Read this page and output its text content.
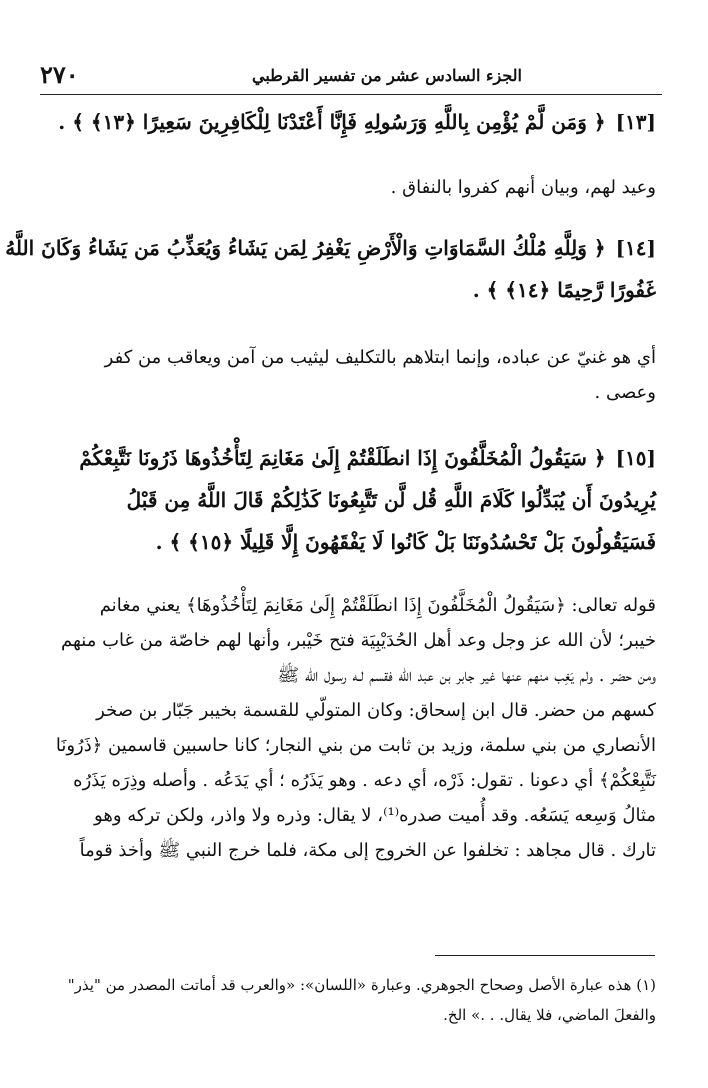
٢٧٠	الجزء السادس عشر من تفسير القرطبي
[١٣]﴿ وَمَن لَّمْ يُؤْمِن بِاللَّهِ وَرَسُولِهِ فَإِنَّا أَعْتَدْنَا لِلْكَافِرِينَ سَعِيرًا ﴿١٣﴾ ﴾ .
وعيد لهم، وبيان أنهم كفروا بالنفاق .
[١٤]﴿ وَلِلَّهِ مُلْكُ السَّمَاوَاتِ وَالْأَرْضِ يَغْفِرُ لِمَن يَشَاءُ وَيُعَذِّبُ مَن يَشَاءُ وَكَانَ اللَّهُ
غَفُورًا رَّحِيمًا ﴿١٤﴾ ﴾ .
أي هو غنيّ عن عباده، وإنما ابتلاهم بالتكليف ليثيب من آمن ويعاقب من كفر
وعصى .
[١٥]﴿ سَيَقُولُ الْمُخَلَّفُونَ إِذَا انطَلَقْتُمْ إِلَىٰ مَغَانِمَ لِتَأْخُذُوهَا ذَرُونَا نَتَّبِعْكُمْ
يُرِيدُونَ أَن يُبَدِّلُوا كَلَامَ اللَّهِ قُل لَّن تَتَّبِعُونَا كَذَٰلِكُمْ قَالَ اللَّهُ مِن قَبْلُ
فَسَيَقُولُونَ بَلْ تَحْسُدُونَنَا بَلْ كَانُوا لَا يَفْقَهُونَ إِلَّا قَلِيلًا ﴿١٥﴾ ﴾ .
قوله تعالى: ﴿سَيَقُولُ الْمُخَلَّفُونَ إِذَا انطَلَقْتُمْ إِلَىٰ مَغَانِمَ لِتَأْخُذُوهَا﴾ يعني مغانم
خيبر؛ لأن الله عز وجل وعد أهل الحُدَيْبِيَة فتح خَيْبر، وأنها لهم خاصّة من غاب منهم
ومن حضر . ولم يَغِب منهم عنها غير جابر بن عبد الله فقسم لـه رسول الله ﷺ
كسهم من حضر. قال ابن إسحاق: وكان المتولّي للقسمة بخيبر جَبّار بن صخر
الأنصاري من بني سلمة، وزيد بن ثابت من بني النجار؛ كانا حاسبين قاسمين ﴿ذَرُونَا
نَتَّبِعْكُمْ﴾ أي دعونا . تقول: ذَرْه، أي دعه . وهو يَذَرُه ؛ أي يَدَعُه . وأصله وذِرَه يَذَرُه
مثالُ وَسِعه يَسَعُه. وقد أُميت صدره⁽¹⁾، لا يقال: وذره ولا واذر، ولكن تركه وهو
تارك . قال مجاهد : تخلفوا عن الخروج إلى مكة، فلما خرج النبي ﷺ وأخذ قوماً
(١) هذه عبارة الأصل وصحاح الجوهري. وعبارة «اللسان»: «والعرب قد أماتت المصدر من "يذر"
والفعلَ الماضي، فلا يقال. . .» الخ.
